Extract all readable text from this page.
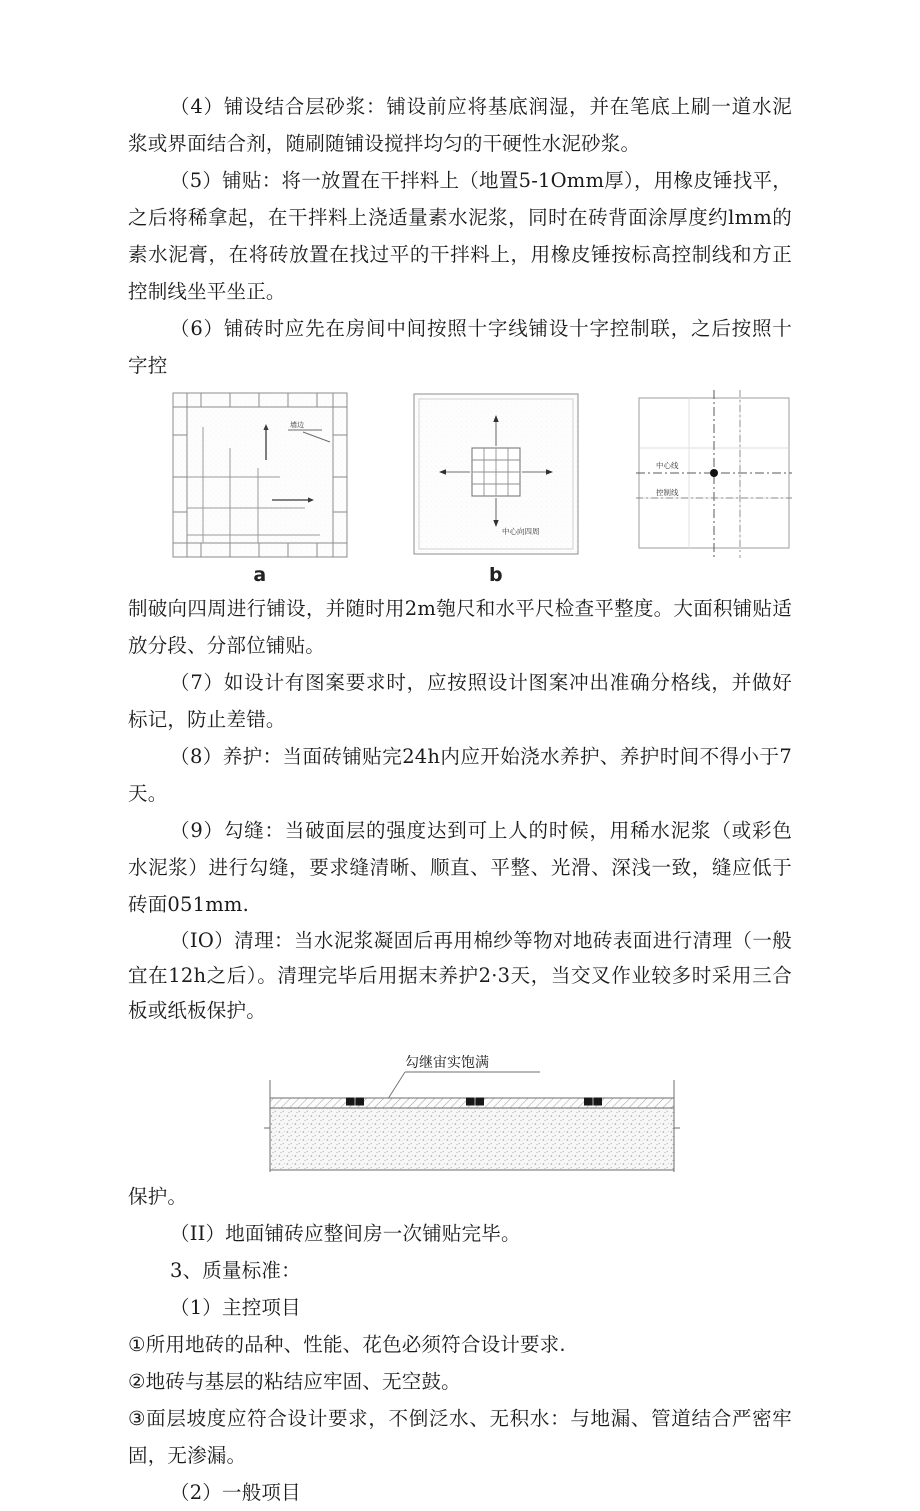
（4）铺设结合层砂浆：铺设前应将基底润湿，并在笔底上刷一道水泥浆或界面结合剂，随刷随铺设搅拌均匀的干硬性水泥砂浆。

（5）铺贴：将一放置在干拌料上（地置5-1Omm厚），用橡皮锤找平，之后将稀拿起，在干拌料上浇适量素水泥浆，同时在砖背面涂厚度约lmm的素水泥膏，在将砖放置在找过平的干拌料上，用橡皮锤按标高控制线和方正控制线坐平坐正。

（6）铺砖时应先在房间中间按照十字线铺设十字控制联，之后按照十字控

墙边
a
中心向四周
b
中心线
控制线

制破向四周进行铺设，并随时用2m匏尺和水平尺检查平整度。大面积铺贴适放分段、分部位铺贴。

（7）如设计有图案要求时，应按照设计图案冲出准确分格线，并做好标记，防止差错。

（8）养护：当面砖铺贴完24h内应开始浇水养护、养护时间不得小于7天。

（9）勾缝：当破面层的强度达到可上人的时候，用稀水泥浆（或彩色水泥浆）进行勾缝，要求缝清晰、顺直、平整、光滑、深浅一致，缝应低于砖面051mm.

（IO）清理：当水泥浆凝固后再用棉纱等物对地砖表面进行清理（一般宜在12h之后）。清理完毕后用据末养护2·3天，当交叉作业较多时采用三合板或纸板保护。

勾继宙实饱满

保护。

（II）地面铺砖应整间房一次铺贴完毕。

3、质量标准：

（1）主控项目

①所用地砖的品种、性能、花色必须符合设计要求.

②地砖与基层的粘结应牢固、无空鼓。

③面层坡度应符合设计要求，不倒泛水、无积水：与地漏、管道结合严密牢固，无渗漏。

（2）一般项目
